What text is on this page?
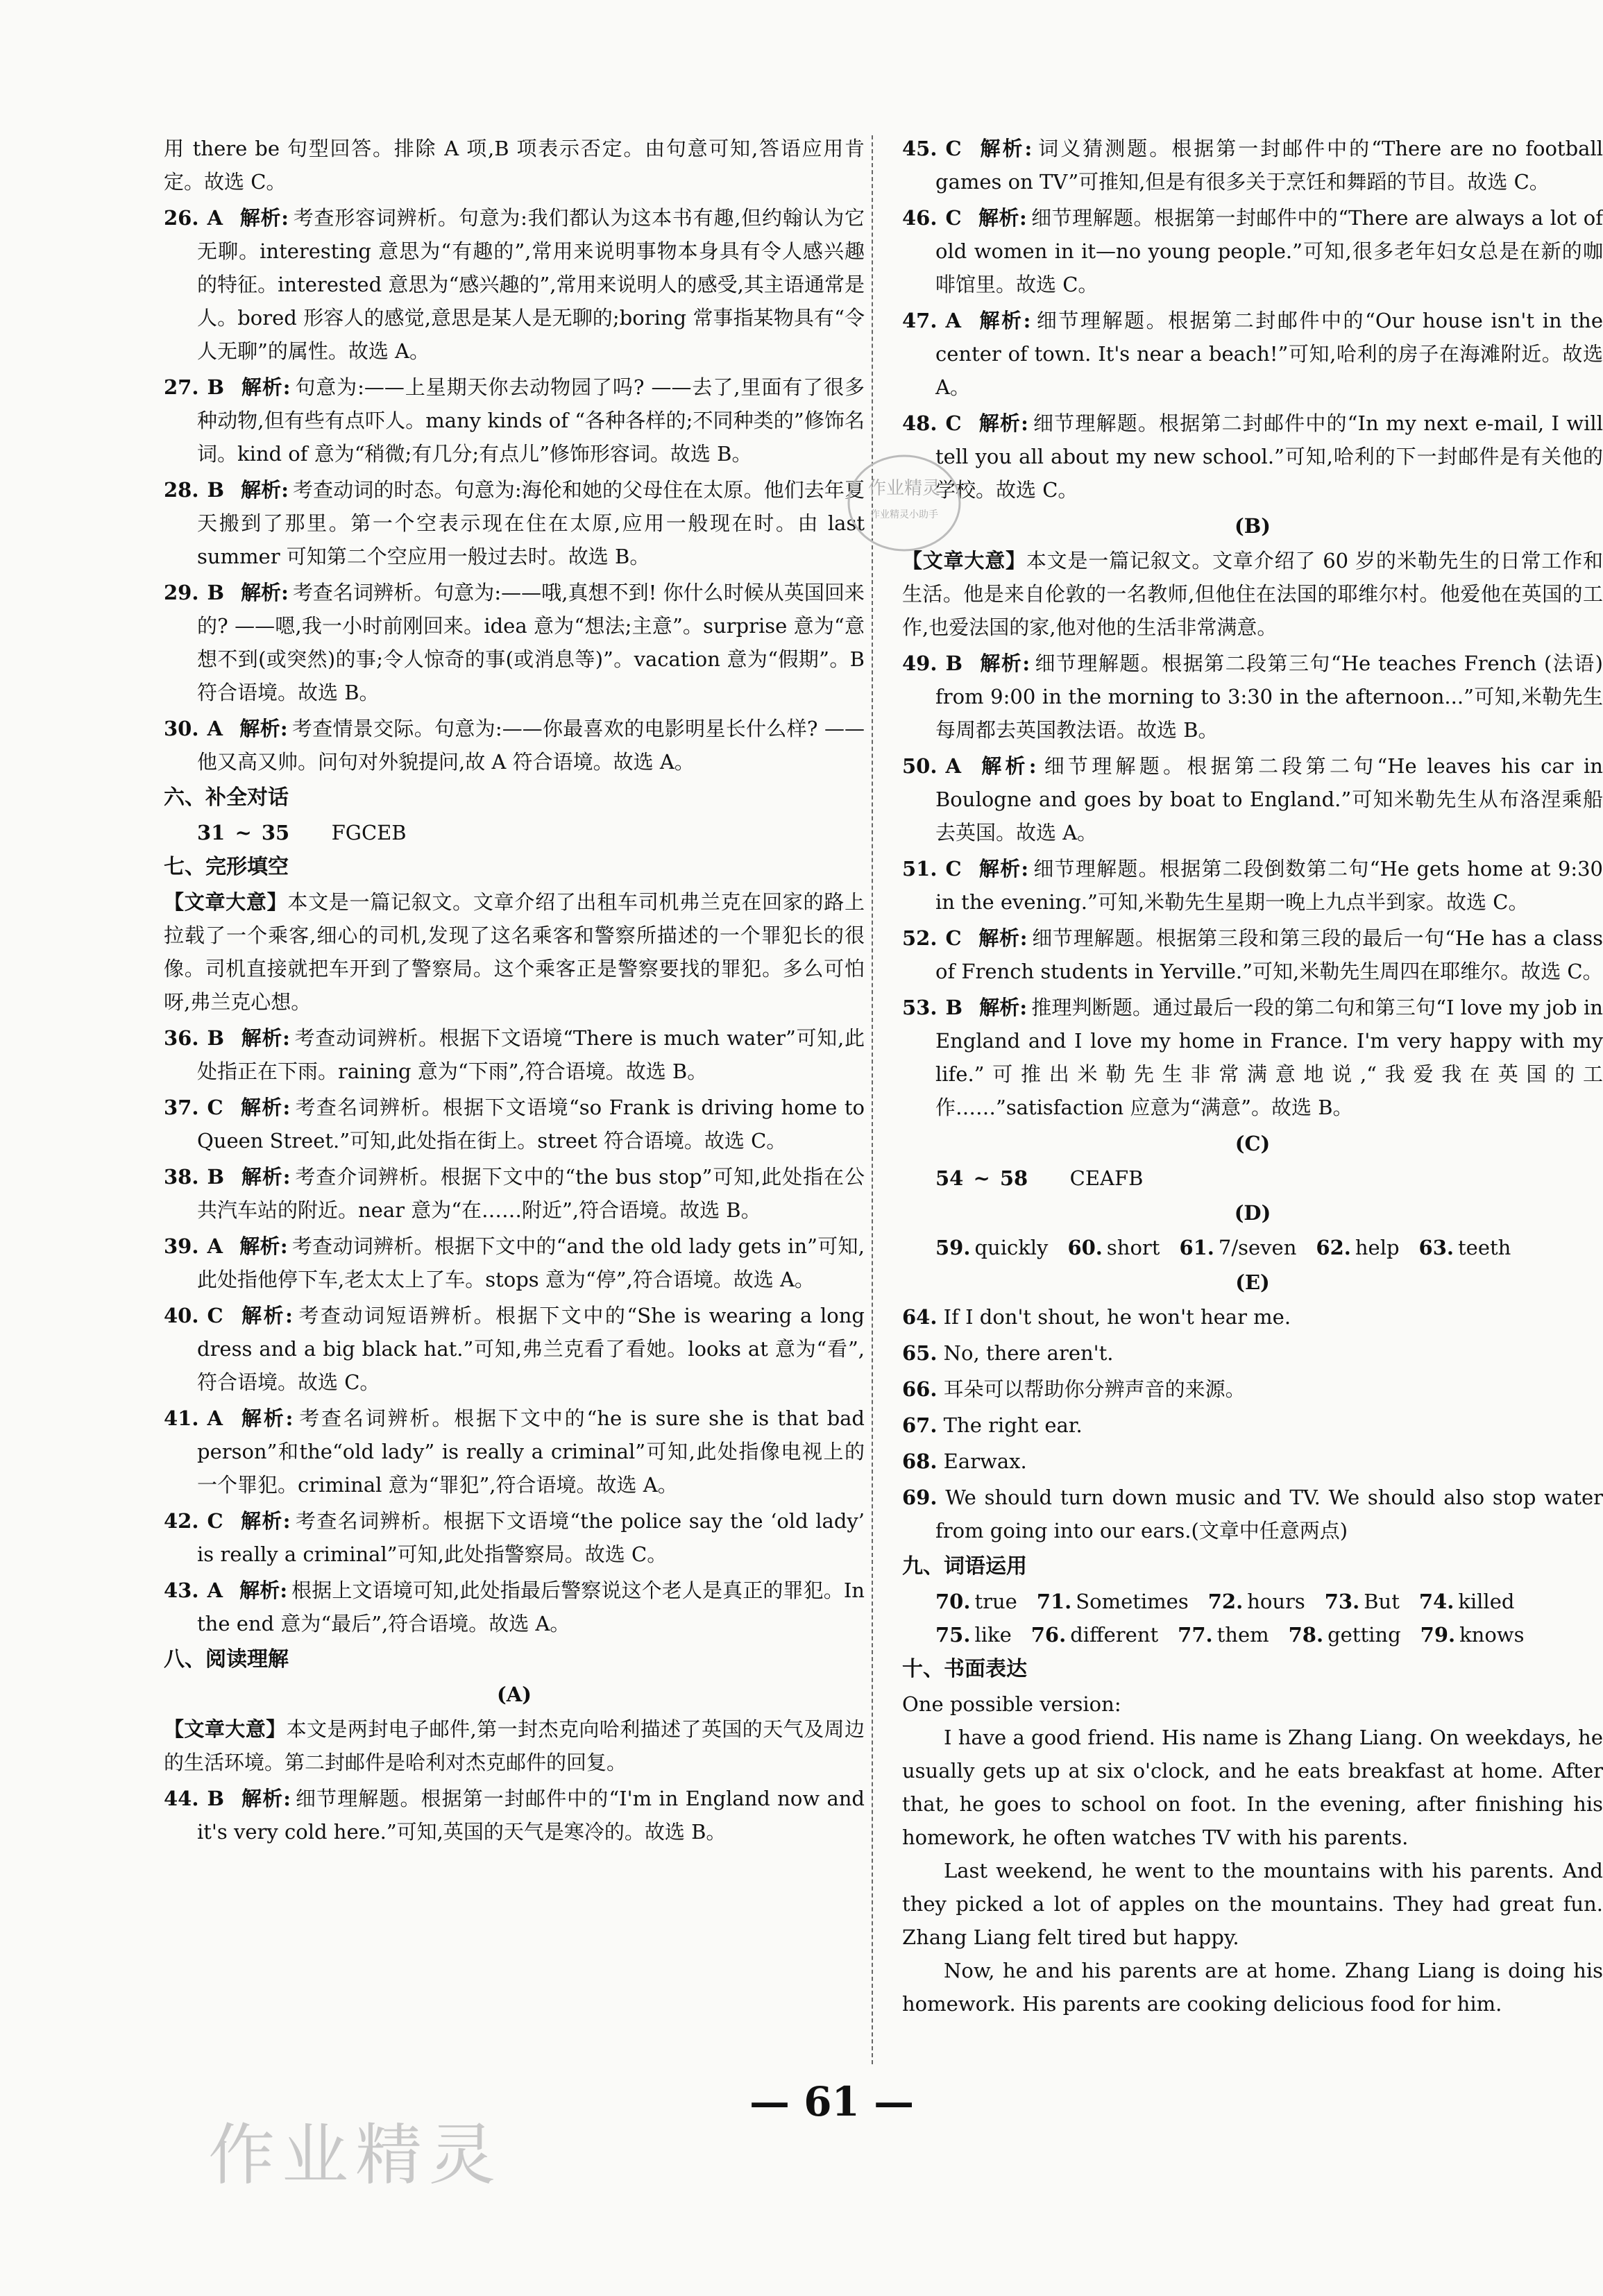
用 there be 句型回答。排除 A 项,B 项表示否定。由句意可知,答语应用肯定。故选 C。
26. A 解析: 考查形容词辨析。句意为:我们都认为这本书有趣,但约翰认为它无聊。interesting 意思为“有趣的”,常用来说明事物本身具有令人感兴趣的特征。interested 意思为“感兴趣的”,常用来说明人的感受,其主语通常是人。bored 形容人的感觉,意思是某人是无聊的;boring 常事指某物具有“令人无聊”的属性。故选 A。
27. B 解析: 句意为:——上星期天你去动物园了吗? ——去了,里面有了很多种动物,但有些有点吓人。many kinds of “各种各样的;不同种类的”修饰名词。kind of 意为“稍微;有几分;有点儿”修饰形容词。故选 B。
28. B 解析: 考查动词的时态。句意为:海伦和她的父母住在太原。他们去年夏天搬到了那里。第一个空表示现在住在太原,应用一般现在时。由 last summer 可知第二个空应用一般过去时。故选 B。
29. B 解析: 考查名词辨析。句意为:——哦,真想不到! 你什么时候从英国回来的? ——嗯,我一小时前刚回来。idea 意为“想法;主意”。surprise 意为“意想不到(或突然)的事;令人惊奇的事(或消息等)”。vacation 意为“假期”。B 符合语境。故选 B。
30. A 解析: 考查情景交际。句意为:——你最喜欢的电影明星长什么样? ——他又高又帅。问句对外貌提问,故 A 符合语境。故选 A。
六、补全对话
31 ~ 35 FGCEB
七、完形填空
【文章大意】本文是一篇记叙文。文章介绍了出租车司机弗兰克在回家的路上拉载了一个乘客,细心的司机,发现了这名乘客和警察所描述的一个罪犯长的很像。司机直接就把车开到了警察局。这个乘客正是警察要找的罪犯。多么可怕呀,弗兰克心想。
36. B 解析: 考查动词辨析。根据下文语境“There is much water”可知,此处指正在下雨。raining 意为“下雨”,符合语境。故选 B。
37. C 解析: 考查名词辨析。根据下文语境“so Frank is driving home to Queen Street.”可知,此处指在街上。street 符合语境。故选 C。
38. B 解析: 考查介词辨析。根据下文中的“the bus stop”可知,此处指在公共汽车站的附近。near 意为“在……附近”,符合语境。故选 B。
39. A 解析: 考查动词辨析。根据下文中的“and the old lady gets in”可知,此处指他停下车,老太太上了车。stops 意为“停”,符合语境。故选 A。
40. C 解析: 考查动词短语辨析。根据下文中的“She is wearing a long dress and a big black hat.”可知,弗兰克看了看她。looks at 意为“看”,符合语境。故选 C。
41. A 解析: 考查名词辨析。根据下文中的“he is sure she is that bad person”和the“old lady” is really a criminal”可知,此处指像电视上的一个罪犯。criminal 意为“罪犯”,符合语境。故选 A。
42. C 解析: 考查名词辨析。根据下文语境“the police say the ‘old lady’ is really a criminal”可知,此处指警察局。故选 C。
43. A 解析: 根据上文语境可知,此处指最后警察说这个老人是真正的罪犯。In the end 意为“最后”,符合语境。故选 A。
八、阅读理解
(A)
【文章大意】本文是两封电子邮件,第一封杰克向哈利描述了英国的天气及周边的生活环境。第二封邮件是哈利对杰克邮件的回复。
44. B 解析: 细节理解题。根据第一封邮件中的“I'm in England now and it's very cold here.”可知,英国的天气是寒冷的。故选 B。
45. C 解析: 词义猜测题。根据第一封邮件中的“There are no football games on TV”可推知,但是有很多关于烹饪和舞蹈的节目。故选 C。
46. C 解析: 细节理解题。根据第一封邮件中的“There are always a lot of old women in it—no young people.”可知,很多老年妇女总是在新的咖啡馆里。故选 C。
47. A 解析: 细节理解题。根据第二封邮件中的“Our house isn't in the center of town. It's near a beach!”可知,哈利的房子在海滩附近。故选 A。
48. C 解析: 细节理解题。根据第二封邮件中的“In my next e-mail, I will tell you all about my new school.”可知,哈利的下一封邮件是有关他的学校。故选 C。
(B)
【文章大意】本文是一篇记叙文。文章介绍了 60 岁的米勒先生的日常工作和生活。他是来自伦敦的一名教师,但他住在法国的耶维尔村。他爱他在英国的工作,也爱法国的家,他对他的生活非常满意。
49. B 解析: 细节理解题。根据第二段第三句“He teaches French (法语) from 9:00 in the morning to 3:30 in the afternoon...”可知,米勒先生每周都去英国教法语。故选 B。
50. A 解析: 细节理解题。根据第二段第二句“He leaves his car in Boulogne and goes by boat to England.”可知米勒先生从布洛涅乘船去英国。故选 A。
51. C 解析: 细节理解题。根据第二段倒数第二句“He gets home at 9:30 in the evening.”可知,米勒先生星期一晚上九点半到家。故选 C。
52. C 解析: 细节理解题。根据第三段和第三段的最后一句“He has a class of French students in Yerville.”可知,米勒先生周四在耶维尔。故选 C。
53. B 解析: 推理判断题。通过最后一段的第二句和第三句“I love my job in England and I love my home in France. I'm very happy with my life.”可推出米勒先生非常满意地说,“我爱我在英国的工作……”satisfaction 应意为“满意”。故选 B。
(C)
54 ~ 58 CEAFB
(D)
59. quickly 60. short 61. 7/seven 62. help 63. teeth
(E)
64. If I don't shout, he won't hear me.
65. No, there aren't.
66. 耳朵可以帮助你分辨声音的来源。
67. The right ear.
68. Earwax.
69. We should turn down music and TV. We should also stop water from going into our ears.(文章中任意两点)
九、词语运用
70. true 71. Sometimes 72. hours 73. But 74. killed
75. like 76. different 77. them 78. getting 79. knows
十、书面表达

One possible version:

I have a good friend. His name is Zhang Liang. On weekdays, he usually gets up at six o'clock, and he eats breakfast at home. After that, he goes to school on foot. In the evening, after finishing his homework, he often watches TV with his parents.

Last weekend, he went to the mountains with his parents. And they picked a lot of apples on the mountains. They had great fun. Zhang Liang felt tired but happy.

Now, he and his parents are at home. Zhang Liang is doing his homework. His parents are cooking delicious food for him.

作业精灵
作业精灵小助手
— 61 —
作业精灵
